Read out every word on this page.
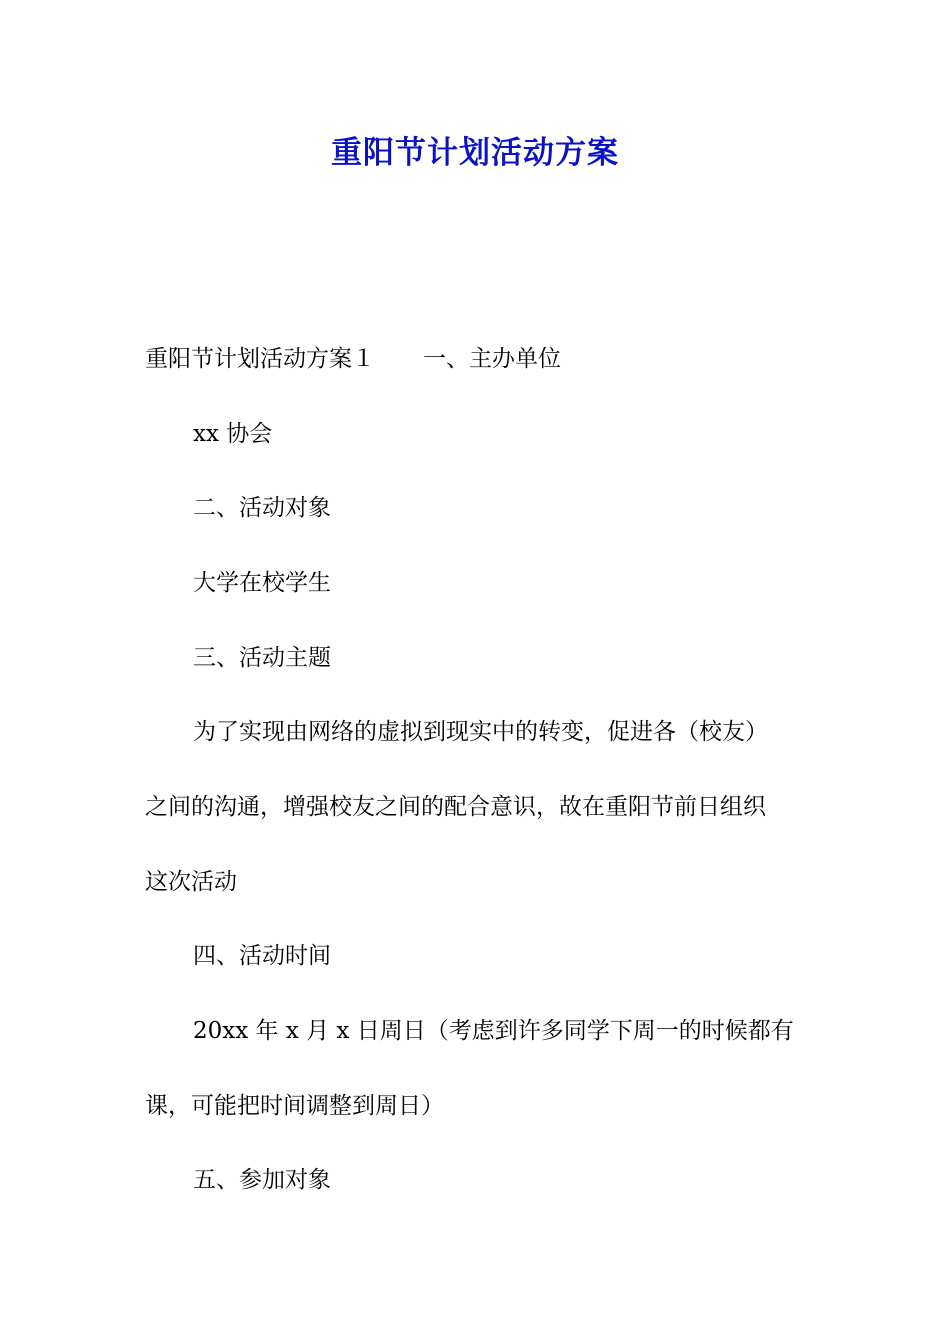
重阳节计划活动方案
重阳节计划活动方案１ 一、主办单位
xx 协会
二、活动对象
大学在校学生
三、活动主题
为了实现由网络的虚拟到现实中的转变，促进各（校友）
之间的沟通，增强校友之间的配合意识，故在重阳节前日组织
这次活动
四、活动时间
20xx 年 x 月 x 日周日（考虑到许多同学下周一的时候都有
课，可能把时间调整到周日）
五、参加对象
